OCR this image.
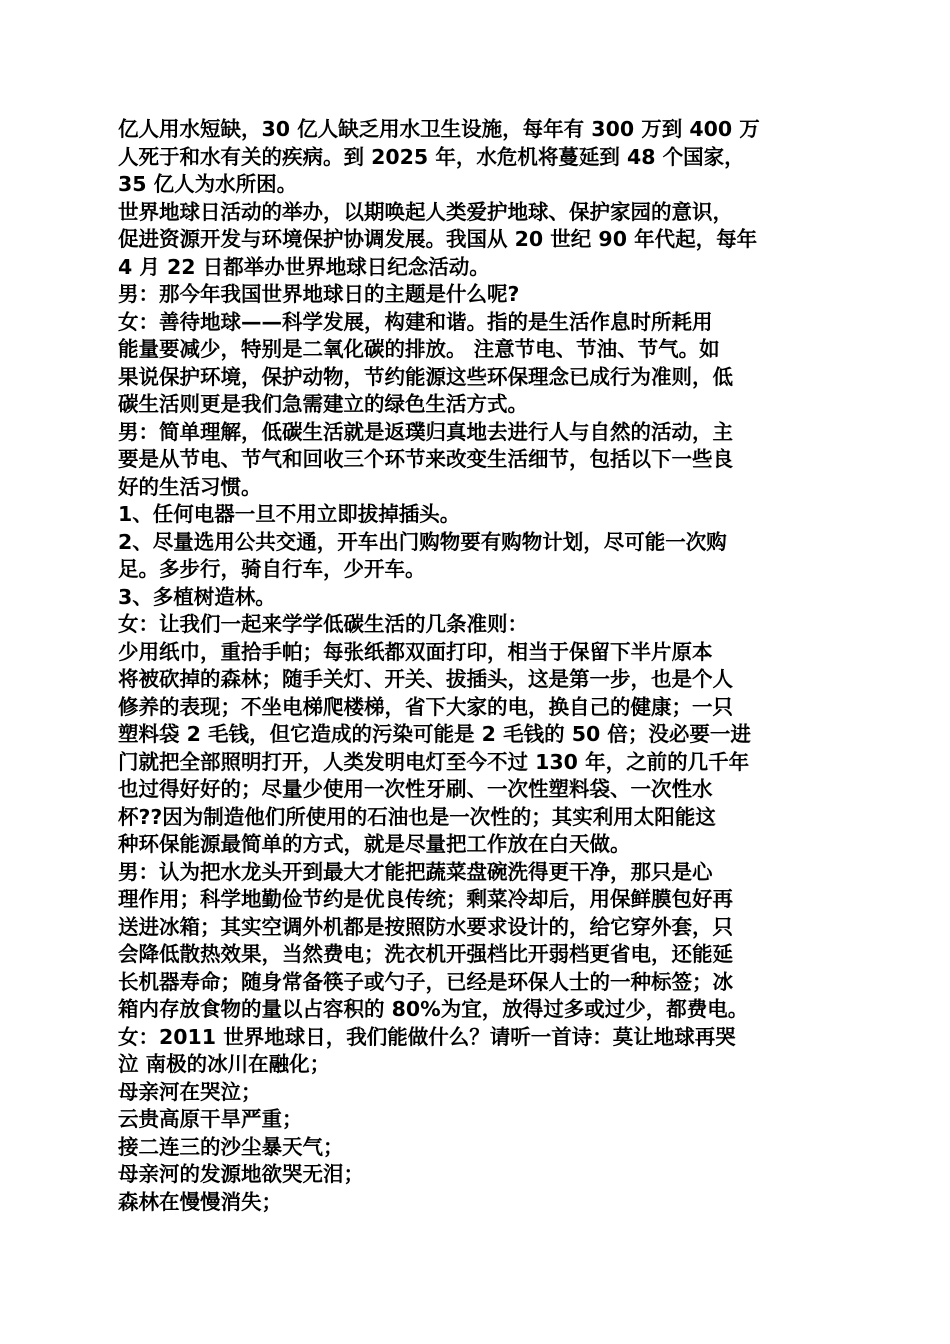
亿人用水短缺，30 亿人缺乏用水卫生设施，每年有 300 万到 400 万
人死于和水有关的疾病。到 2025 年，水危机将蔓延到 48 个国家，
35 亿人为水所困。
世界地球日活动的举办，以期唤起人类爱护地球、保护家园的意识，
促进资源开发与环境保护协调发展。我国从 20 世纪 90 年代起，每年
4 月 22 日都举办世界地球日纪念活动。
男：那今年我国世界地球日的主题是什么呢?
女：善待地球——科学发展，构建和谐。指的是生活作息时所耗用
能量要减少，特别是二氧化碳的排放。 注意节电、节油、节气。如
果说保护环境，保护动物，节约能源这些环保理念已成行为准则，低
碳生活则更是我们急需建立的绿色生活方式。
男：简单理解，低碳生活就是返璞归真地去进行人与自然的活动，主
要是从节电、节气和回收三个环节来改变生活细节，包括以下一些良
好的生活习惯。
1、任何电器一旦不用立即拔掉插头。
2、尽量选用公共交通，开车出门购物要有购物计划，尽可能一次购
足。多步行，骑自行车，少开车。
3、多植树造林。
女：让我们一起来学学低碳生活的几条准则：
少用纸巾，重拾手帕；每张纸都双面打印，相当于保留下半片原本
将被砍掉的森林；随手关灯、开关、拔插头，这是第一步，也是个人
修养的表现；不坐电梯爬楼梯，省下大家的电，换自己的健康；一只
塑料袋 2 毛钱，但它造成的污染可能是 2 毛钱的 50 倍；没必要一进
门就把全部照明打开，人类发明电灯至今不过 130 年，之前的几千年
也过得好好的；尽量少使用一次性牙刷、一次性塑料袋、一次性水
杯??因为制造他们所使用的石油也是一次性的；其实利用太阳能这
种环保能源最简单的方式，就是尽量把工作放在白天做。
男：认为把水龙头开到最大才能把蔬菜盘碗洗得更干净，那只是心
理作用；科学地勤俭节约是优良传统；剩菜冷却后，用保鲜膜包好再
送进冰箱；其实空调外机都是按照防水要求设计的，给它穿外套，只
会降低散热效果，当然费电；洗衣机开强档比开弱档更省电，还能延
长机器寿命；随身常备筷子或勺子，已经是环保人士的一种标签；冰
箱内存放食物的量以占容积的 80%为宜，放得过多或过少，都费电。
女：2011 世界地球日，我们能做什么？请听一首诗：莫让地球再哭
泣 南极的冰川在融化；
母亲河在哭泣；
云贵高原干旱严重；
接二连三的沙尘暴天气；
母亲河的发源地欲哭无泪；
森林在慢慢消失；
